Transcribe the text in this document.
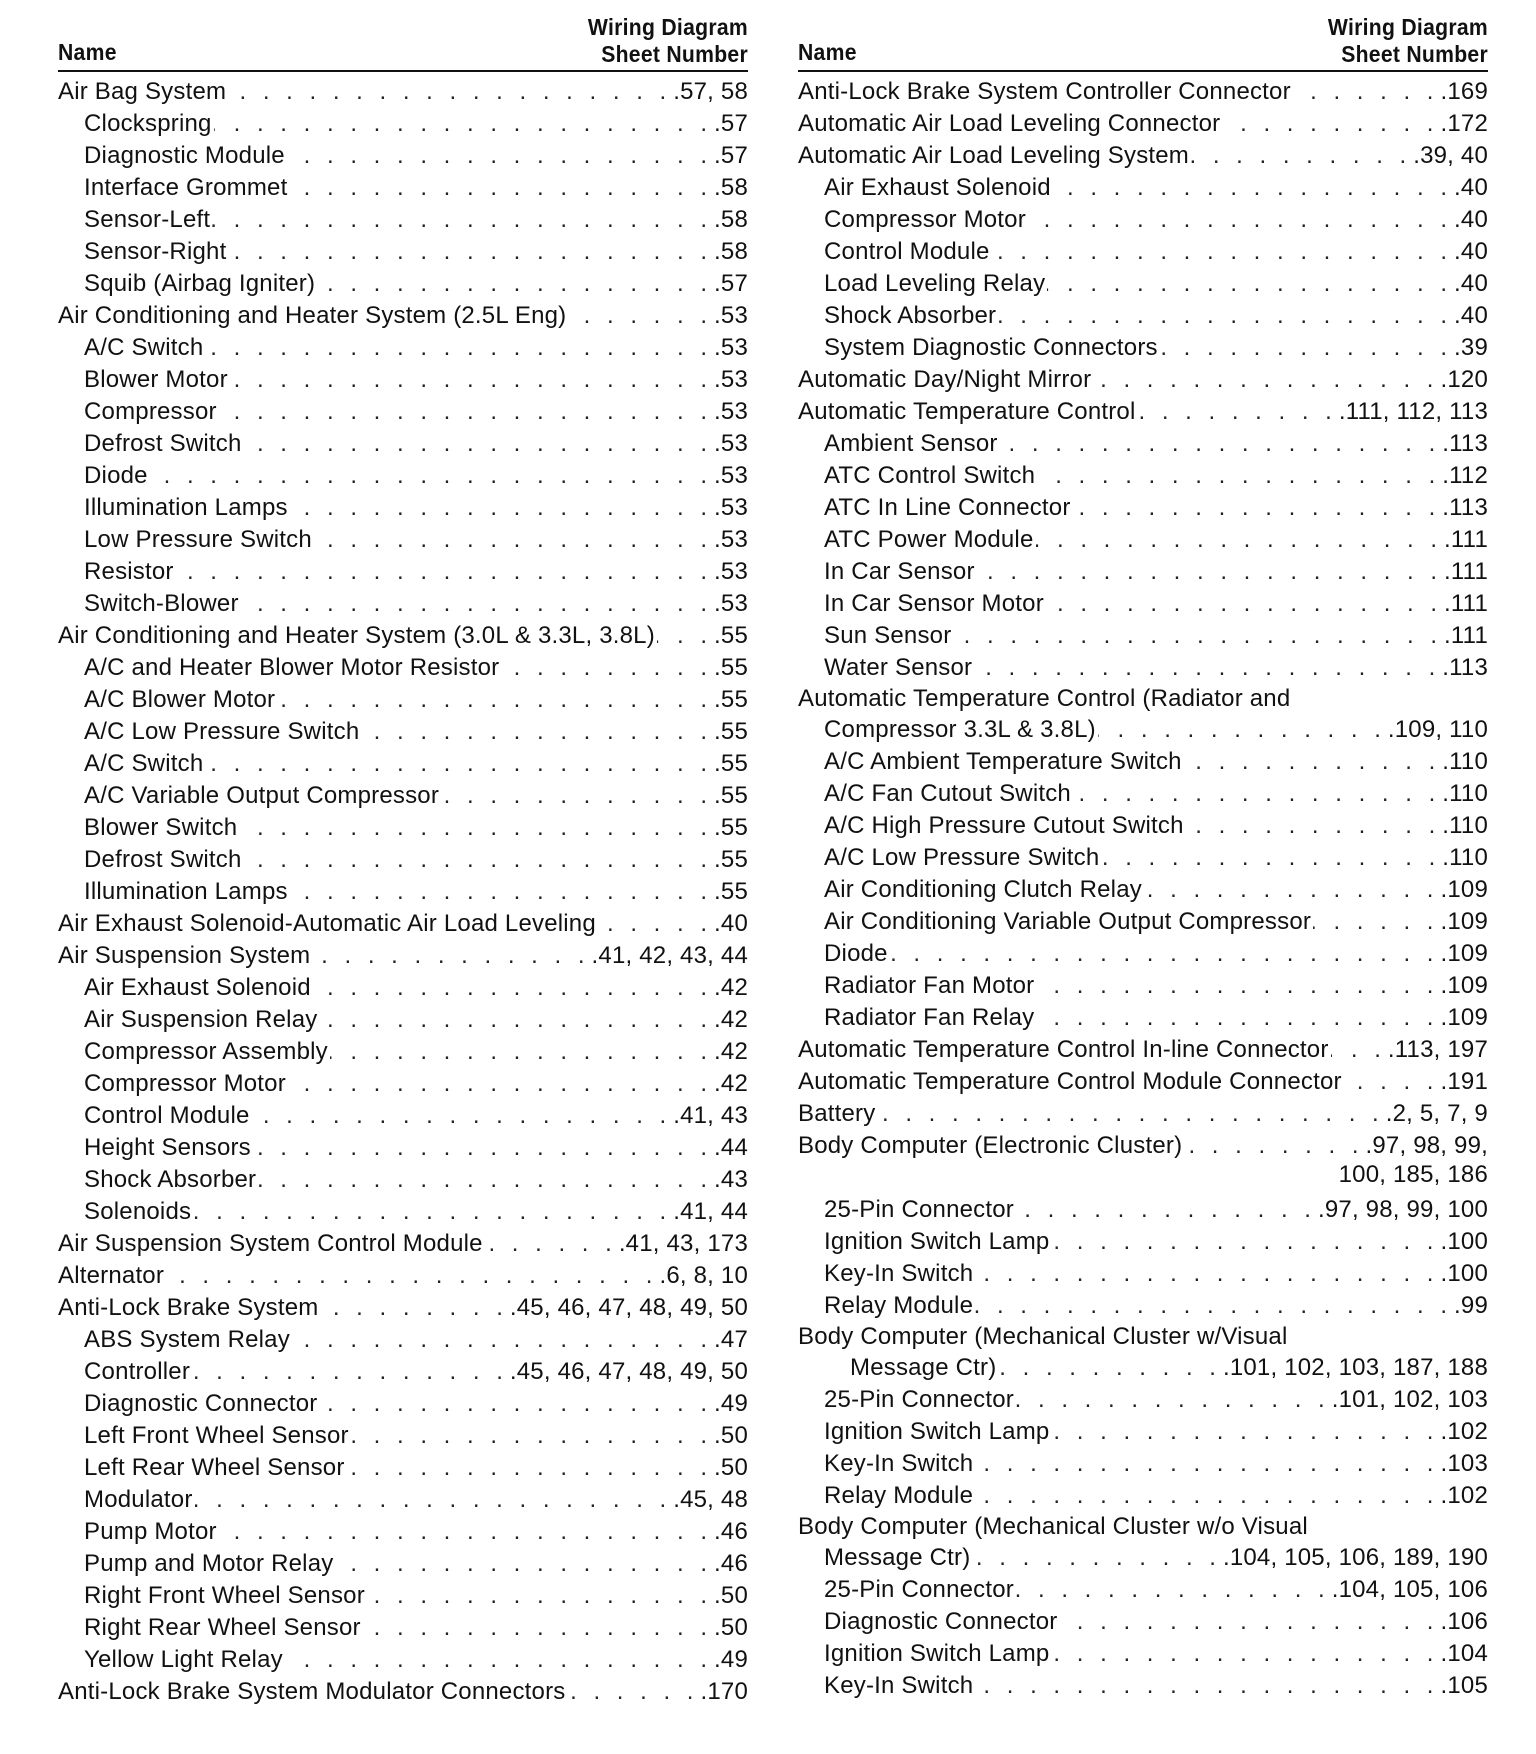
Name
Wiring Diagram
Sheet Number
Air Bag System . . .	.57, 58
Clockspring . . .	.57
Diagnostic Module . . .	.57
Interface Grommet . . .	.58
Sensor-Left . . .	.58
Sensor-Right . . .	.58
Squib (Airbag Igniter) . . .	.57
Air Conditioning and Heater System (2.5L Eng) . . .	.53
A/C Switch . . .	.53
Blower Motor . . .	.53
Compressor . . .	.53
Defrost Switch . . .	.53
Diode . . .	.53
Illumination Lamps . . .	.53
Low Pressure Switch . . .	.53
Resistor . . .	.53
Switch-Blower . . .	.53
Air Conditioning and Heater System (3.0L & 3.3L, 3.8L) . . . .55
A/C and Heater Blower Motor Resistor . . .	.55
A/C Blower Motor . . .	.55
A/C Low Pressure Switch . . .	.55
A/C Switch . . .	.55
A/C Variable Output Compressor . . .	.55
Blower Switch . . .	.55
Defrost Switch . . .	.55
Illumination Lamps . . .	.55
Air Exhaust Solenoid-Automatic Air Load Leveling . . .	.40
Air Suspension System . . .	.41, 42, 43, 44
Air Exhaust Solenoid . . .	.42
Air Suspension Relay . . .	.42
Compressor Assembly . . .	.42
Compressor Motor . . .	.42
Control Module . . .	.41, 43
Height Sensors . . .	.44
Shock Absorber . . .	.43
Solenoids . . .	.41, 44
Air Suspension System Control Module . . .	.41, 43, 173
Alternator . . .	.6, 8, 10
Anti-Lock Brake System . . .	.45, 46, 47, 48, 49, 50
ABS System Relay . . .	.47
Controller . . .	.45, 46, 47, 48, 49, 50
Diagnostic Connector . . .	.49
Left Front Wheel Sensor . . .	.50
Left Rear Wheel Sensor . . .	.50
Modulator . . .	.45, 48
Pump Motor . . .	.46
Pump and Motor Relay . . .	.46
Right Front Wheel Sensor . . .	.50
Right Rear Wheel Sensor . . .	.50
Yellow Light Relay . . .	.49
Anti-Lock Brake System Modulator Connectors . . .	.170
Name
Wiring Diagram
Sheet Number
Anti-Lock Brake System Controller Connector . . .	.169
Automatic Air Load Leveling Connector . . .	.172
Automatic Air Load Leveling System . . .	.39, 40
Air Exhaust Solenoid . . .	.40
Compressor Motor . . .	.40
Control Module . . .	.40
Load Leveling Relay . . .	.40
Shock Absorber . . .	.40
System Diagnostic Connectors . . .	.39
Automatic Day/Night Mirror . . .	.120
Automatic Temperature Control . . .	.111, 112, 113
Ambient Sensor . . .	.113
ATC Control Switch . . .	.112
ATC In Line Connector . . .	.113
ATC Power Module . . .	.111
In Car Sensor . . .	.111
In Car Sensor Motor . . .	.111
Sun Sensor . . .	.111
Water Sensor . . .	.113
Automatic Temperature Control (Radiator and
Compressor 3.3L & 3.8L) . . .	.109, 110
A/C Ambient Temperature Switch . . .	.110
A/C Fan Cutout Switch . . .	.110
A/C High Pressure Cutout Switch . . .	.110
A/C Low Pressure Switch . . .	.110
Air Conditioning Clutch Relay . . .	.109
Air Conditioning Variable Output Compressor . . .	.109
Diode . . .	.109
Radiator Fan Motor . . .	.109
Radiator Fan Relay . . .	.109
Automatic Temperature Control In-line Connector . . . .113, 197
Automatic Temperature Control Module Connector . . .	.191
Battery . . .	.2, 5, 7, 9
Body Computer (Electronic Cluster) . . .	.97, 98, 99,
100, 185, 186
25-Pin Connector . . .	.97, 98, 99, 100
Ignition Switch Lamp . . .	.100
Key-In Switch . . .	.100
Relay Module . . .	.99
Body Computer (Mechanical Cluster w/Visual
Message Ctr) . . .	.101, 102, 103, 187, 188
25-Pin Connector . . .	.101, 102, 103
Ignition Switch Lamp . . .	.102
Key-In Switch . . .	.103
Relay Module . . .	.102
Body Computer (Mechanical Cluster w/o Visual
Message Ctr) . . .	.104, 105, 106, 189, 190
25-Pin Connector . . .	.104, 105, 106
Diagnostic Connector . . .	.106
Ignition Switch Lamp . . .	.104
Key-In Switch . . .	.105
